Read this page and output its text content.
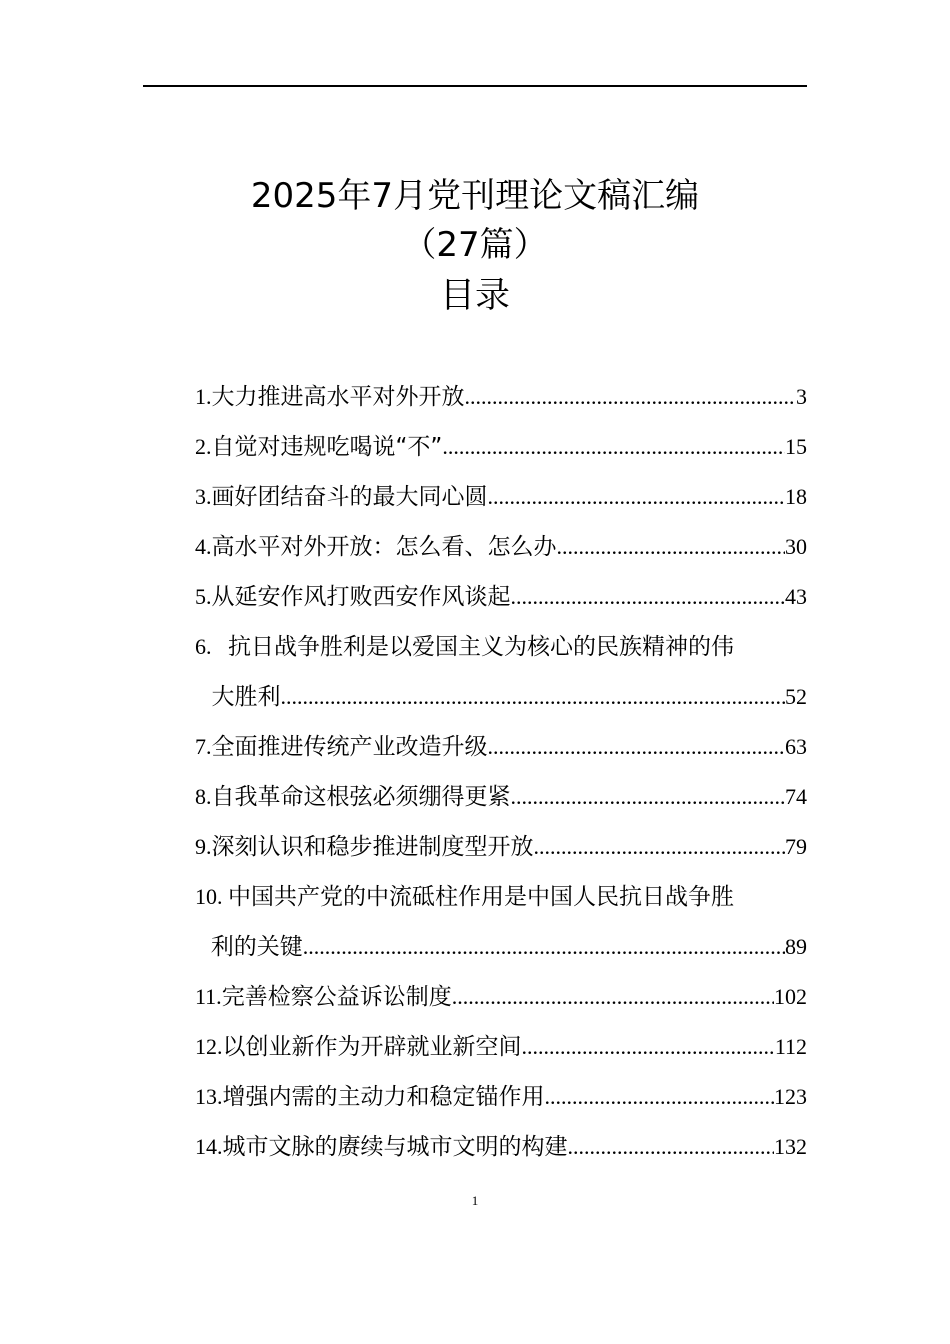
2025年7月党刊理论文稿汇编
（27篇）
目录
1. 大力推进高水平对外开放 .....	3
2. 自觉对违规吃喝说“不” .....	15
3. 画好团结奋斗的最大同心圆 .....	18
4. 高水平对外开放：怎么看、怎么办 .....	30
5. 从延安作风打败西安作风谈起 .....	43
6. 抗日战争胜利是以爱国主义为核心的民族精神的伟
大胜利 .....	52
7. 全面推进传统产业改造升级 .....	63
8. 自我革命这根弦必须绷得更紧 .....	74
9. 深刻认识和稳步推进制度型开放 .....	79
10. 中国共产党的中流砥柱作用是中国人民抗日战争胜
利的关键 .....	89
11. 完善检察公益诉讼制度 .....	102
12. 以创业新作为开辟就业新空间 .....	112
13. 增强内需的主动力和稳定锚作用 .....	123
14. 城市文脉的赓续与城市文明的构建 .....	132
1
